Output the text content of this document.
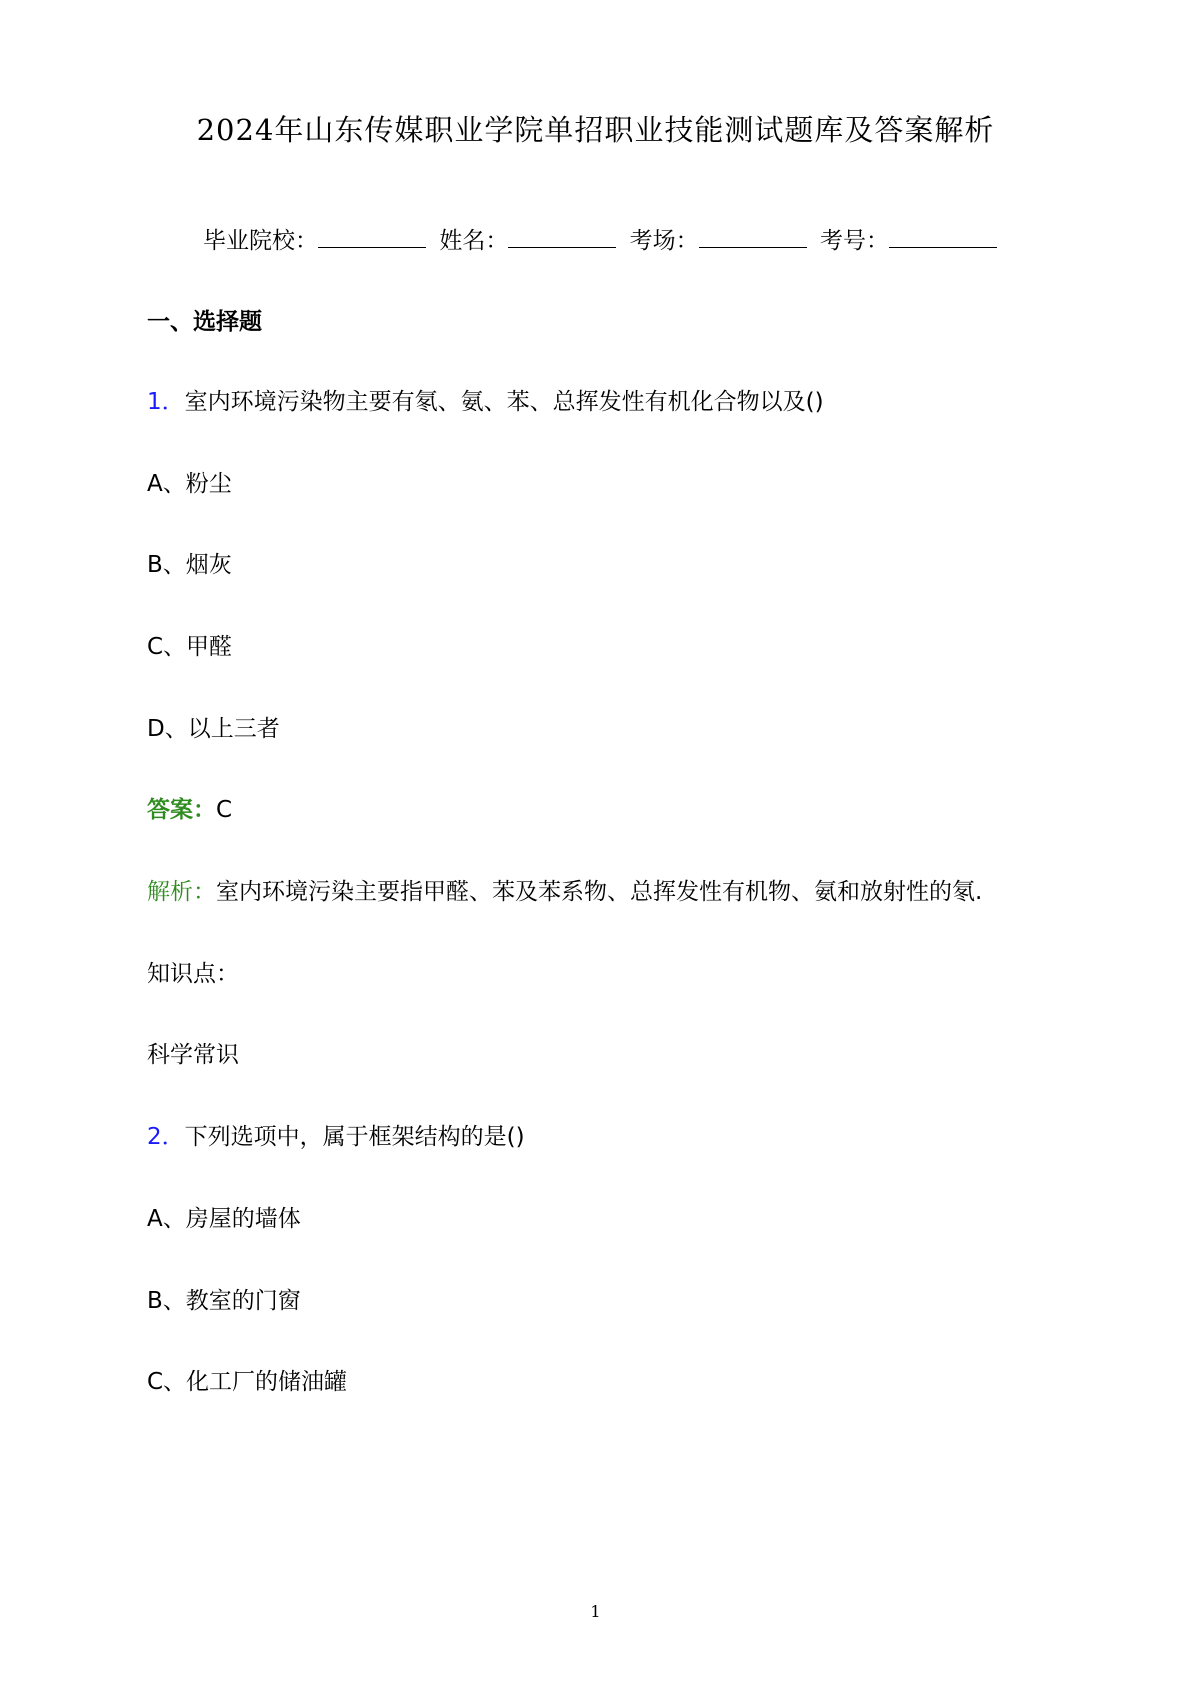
2024年山东传媒职业学院单招职业技能测试题库及答案解析
毕业院校：	姓名：	考场：	考号：
一、选择题
1．室内环境污染物主要有氡、氨、苯、总挥发性有机化合物以及()
A、粉尘
B、烟灰
C、甲醛
D、以上三者
答案：C
解析：室内环境污染主要指甲醛、苯及苯系物、总挥发性有机物、氨和放射性的氡.
知识点：
科学常识
2．下列选项中，属于框架结构的是()
A、房屋的墙体
B、教室的门窗
C、化工厂的储油罐
1
